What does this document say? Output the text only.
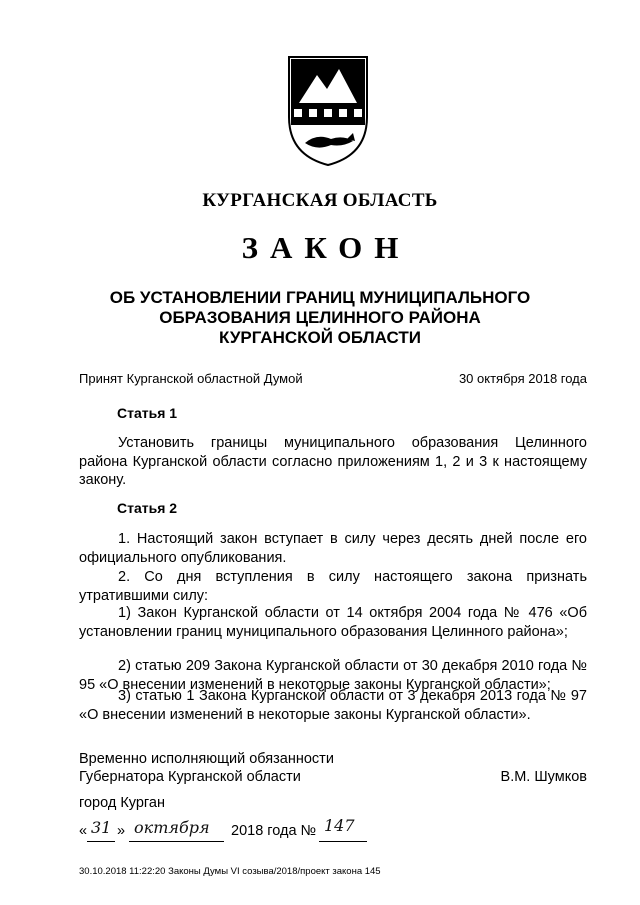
КУРГАНСКАЯ ОБЛАСТЬ
ЗАКОН
ОБ УСТАНОВЛЕНИИ ГРАНИЦ МУНИЦИПАЛЬНОГО
ОБРАЗОВАНИЯ ЦЕЛИННОГО РАЙОНА
КУРГАНСКОЙ ОБЛАСТИ
Принят Курганской областной Думой	30 октября 2018 года
Статья 1
Установить границы муниципального образования Целинного района Курганской области согласно приложениям 1, 2 и 3 к настоящему закону.
Статья 2
1. Настоящий закон вступает в силу через десять дней после его официального опубликования.
2. Со дня вступления в силу настоящего закона признать утратившими силу:
1) Закон Курганской области от 14 октября 2004 года № 476 «Об установлении границ муниципального образования Целинного района»;
2) статью 209 Закона Курганской области от 30 декабря 2010 года № 95 «О внесении изменений в некоторые законы Курганской области»;
3) статью 1 Закона Курганской области от 3 декабря 2013 года № 97 «О внесении изменений в некоторые законы Курганской области».
Временно исполняющий обязанности
Губернатора Курганской области	В.М. Шумков
город Курган
« 31 » октября 2018 года № 147
30.10.2018 11:22:20 Законы Думы VI созыва/2018/проект закона 145
